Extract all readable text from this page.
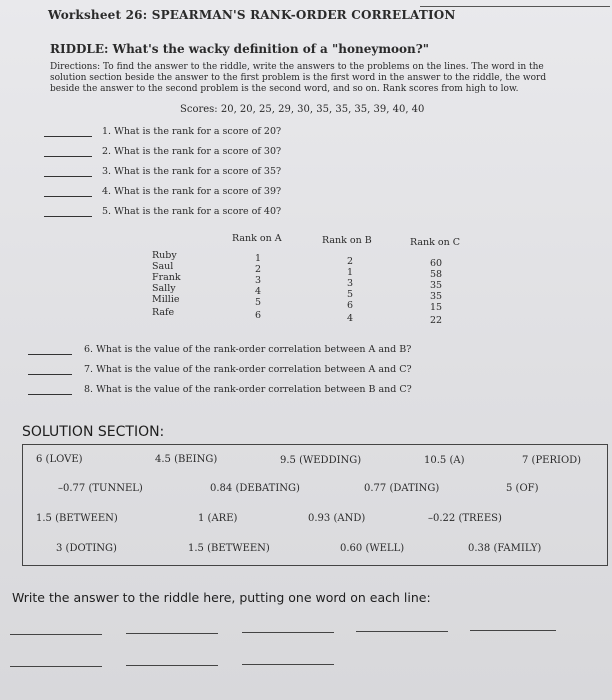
Worksheet 26: SPEARMAN'S RANK-ORDER CORRELATION
RIDDLE: What's the wacky definition of a "honeymoon?"
Directions: To find the answer to the riddle, write the answers to the problems on the lines. The word in the solution section beside the answer to the first problem is the first word in the answer to the riddle, the word beside the answer to the second problem is the second word, and so on. Rank scores from high to low.
Scores: 20, 20, 25, 29, 30, 35, 35, 35, 39, 40, 40
1. What is the rank for a score of 20?
2. What is the rank for a score of 30?
3. What is the rank for a score of 35?
4. What is the rank for a score of 39?
5. What is the rank for a score of 40?
Rank on A	Rank on B	Rank on C
Ruby	1	2	60
Saul	2	1	58
Frank	3	3	35
Sally	4	5	35
Millie	5	6	15
Rafe	6	4	22
6. What is the value of the rank-order correlation between A and B?
7. What is the value of the rank-order correlation between A and C?
8. What is the value of the rank-order correlation between B and C?
SOLUTION SECTION:
6 (LOVE)	4.5 (BEING)	9.5 (WEDDING)	10.5 (A)	7 (PERIOD)
–0.77 (TUNNEL)	0.84 (DEBATING)	0.77 (DATING)	5 (OF)
1.5 (BETWEEN)	1 (ARE)	0.93 (AND)	–0.22 (TREES)
3 (DOTING)	1.5 (BETWEEN)	0.60 (WELL)	0.38 (FAMILY)
Write the answer to the riddle here, putting one word on each line:
